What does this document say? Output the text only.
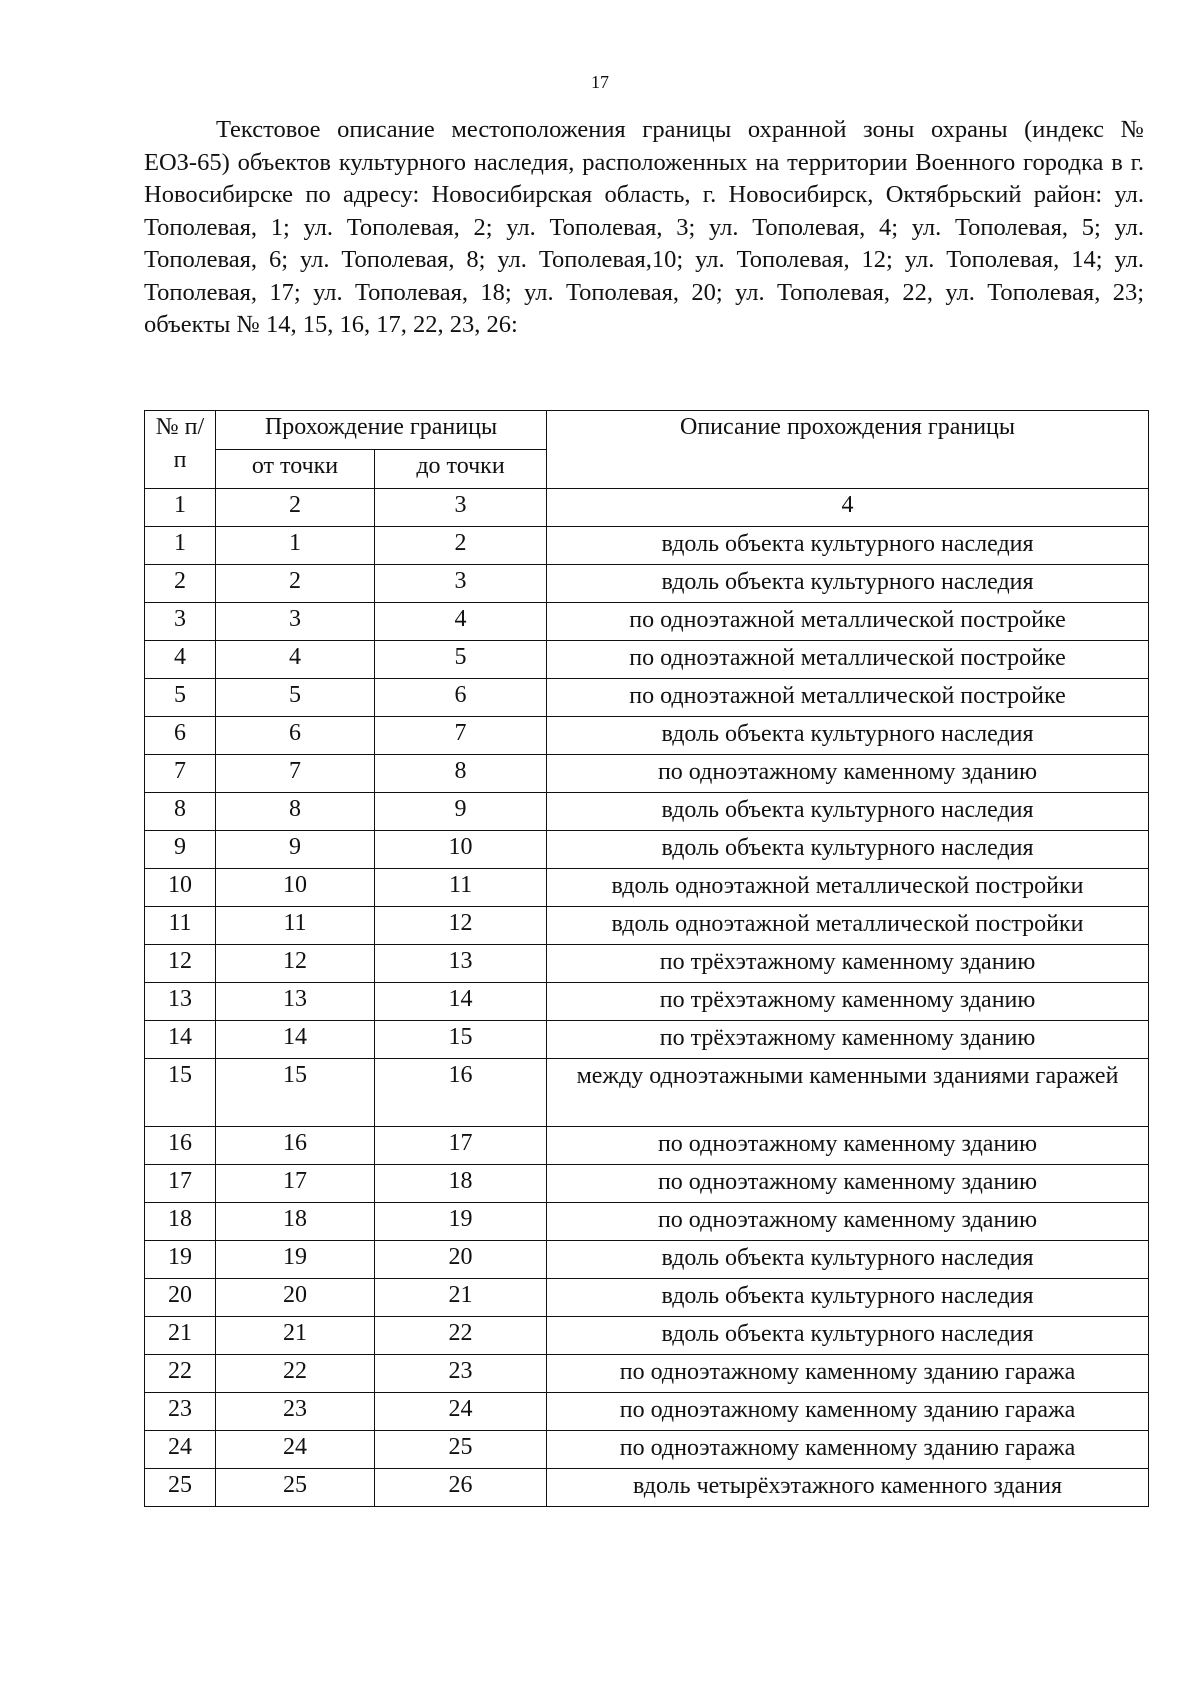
17

Текстовое описание местоположения границы охранной зоны охраны (индекс № ЕОЗ-65) объектов культурного наследия, расположенных на территории Военного городка в г. Новосибирске по адресу: Новосибирская область, г. Новосибирск, Октябрьский район: ул. Тополевая, 1; ул. Тополевая, 2; ул. Тополевая, 3; ул. Тополевая, 4; ул. Тополевая, 5; ул. Тополевая, 6; ул. Тополевая, 8; ул. Тополевая,10; ул. Тополевая, 12; ул. Тополевая, 14; ул. Тополевая, 17; ул. Тополевая, 18; ул. Тополевая, 20; ул. Тополевая, 22, ул. Тополевая, 23; объекты № 14, 15, 16, 17, 22, 23, 26:

№ п/п	Прохождение границы		Описание прохождения границы
	от точки	до точки	
1	2	3	4
1	1	2	вдоль объекта культурного наследия
2	2	3	вдоль объекта культурного наследия
3	3	4	по одноэтажной металлической постройке
4	4	5	по одноэтажной металлической постройке
5	5	6	по одноэтажной металлической постройке
6	6	7	вдоль объекта культурного наследия
7	7	8	по одноэтажному каменному зданию
8	8	9	вдоль объекта культурного наследия
9	9	10	вдоль объекта культурного наследия
10	10	11	вдоль одноэтажной металлической постройки
11	11	12	вдоль одноэтажной металлической постройки
12	12	13	по трёхэтажному каменному зданию
13	13	14	по трёхэтажному каменному зданию
14	14	15	по трёхэтажному каменному зданию
15	15	16	между одноэтажными каменными зданиями гаражей
16	16	17	по одноэтажному каменному зданию
17	17	18	по одноэтажному каменному зданию
18	18	19	по одноэтажному каменному зданию
19	19	20	вдоль объекта культурного наследия
20	20	21	вдоль объекта культурного наследия
21	21	22	вдоль объекта культурного наследия
22	22	23	по одноэтажному каменному зданию гаража
23	23	24	по одноэтажному каменному зданию гаража
24	24	25	по одноэтажному каменному зданию гаража
25	25	26	вдоль четырёхэтажного каменного здания
